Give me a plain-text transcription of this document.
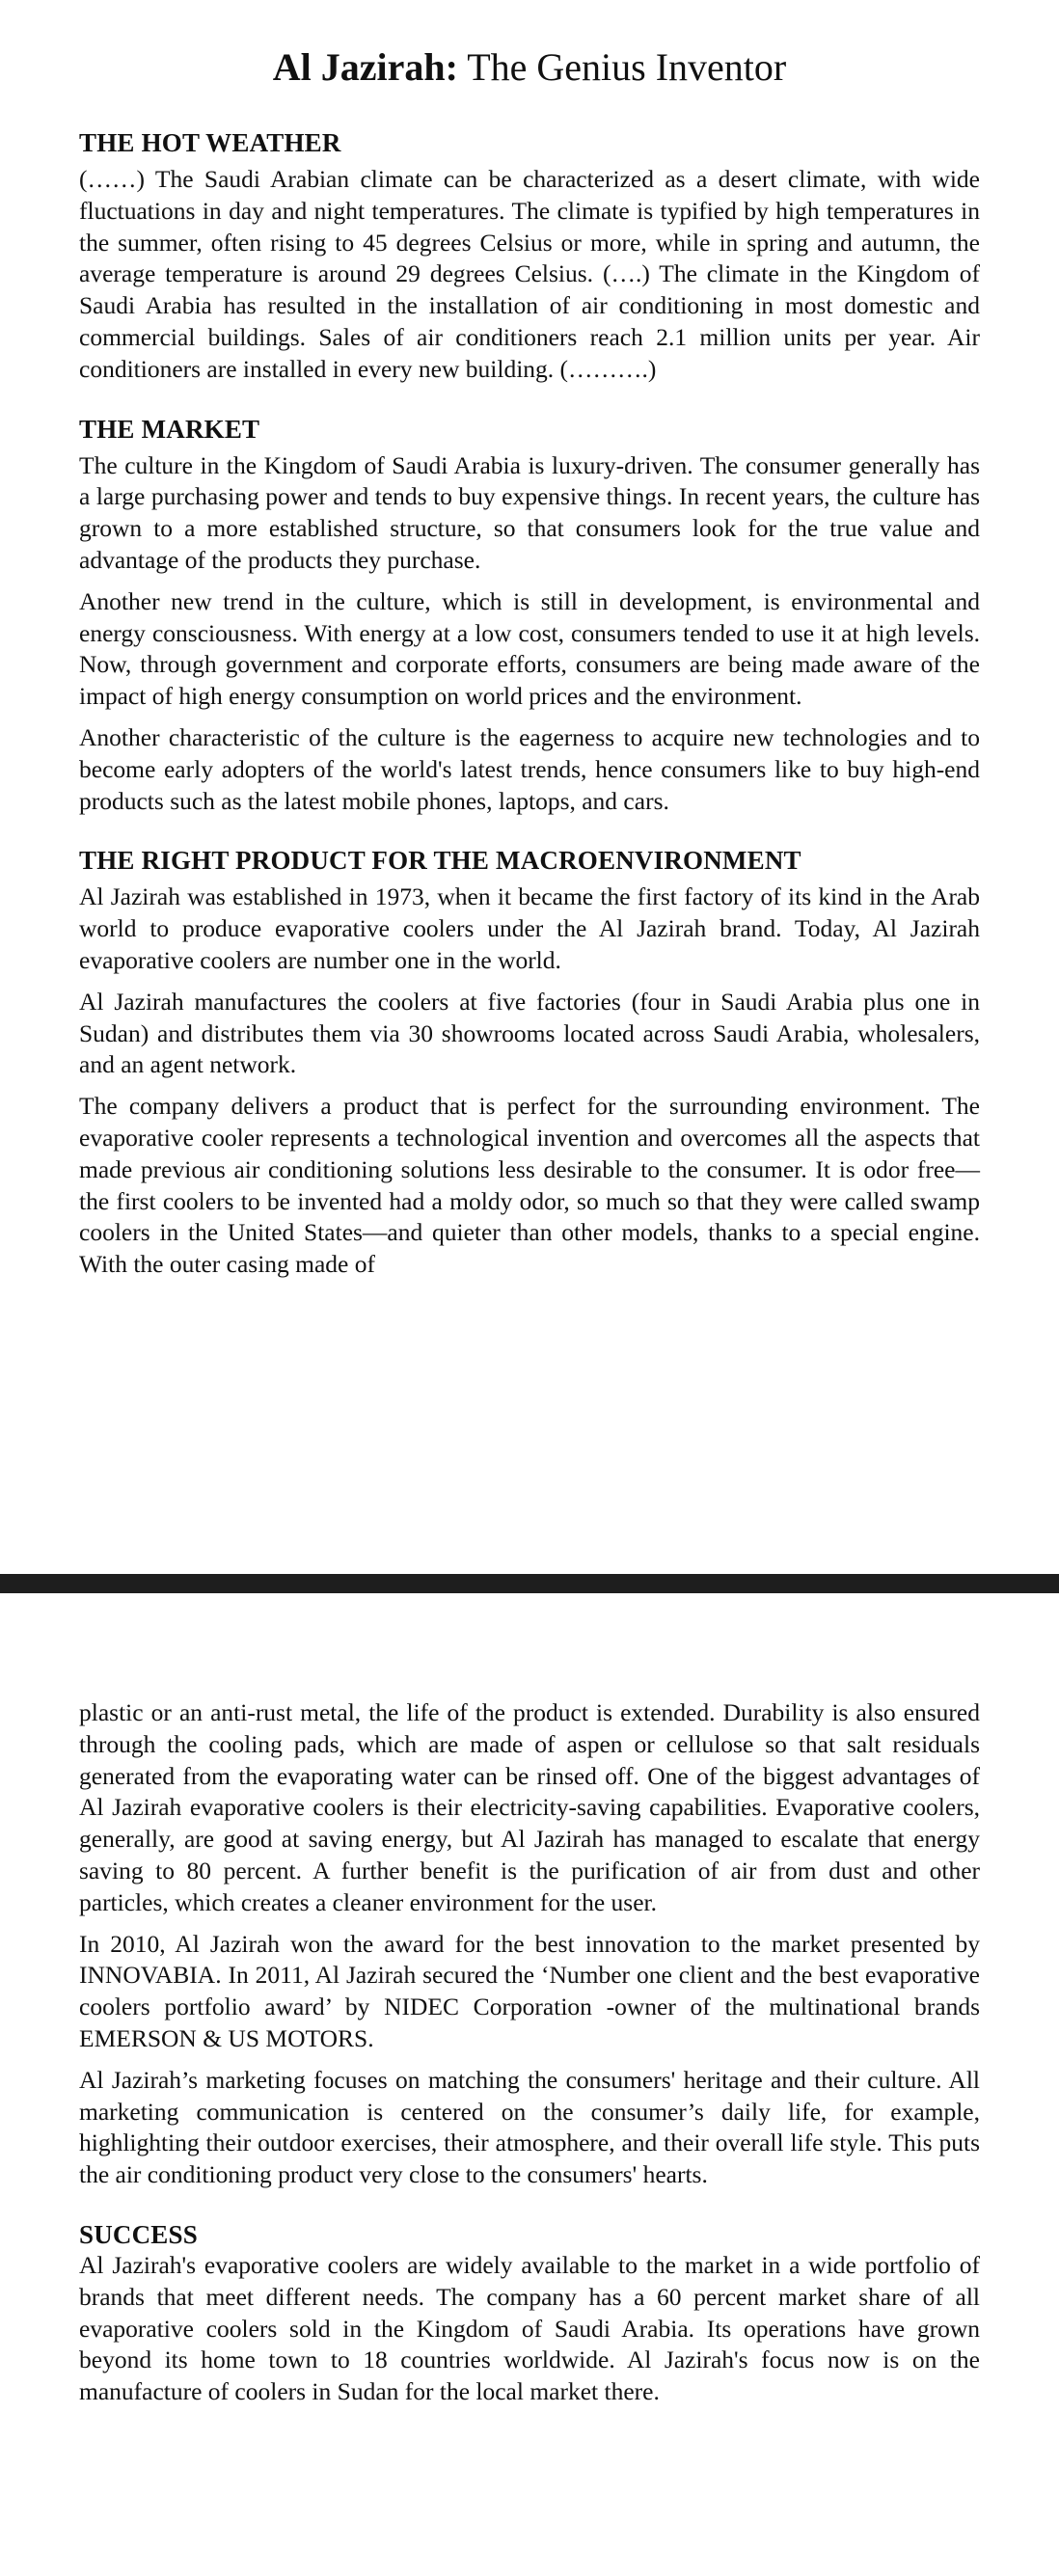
Al Jazirah: The Genius Inventor
THE HOT WEATHER

(……) The Saudi Arabian climate can be characterized as a desert climate, with wide fluctuations in day and night temperatures. The climate is typified by high temperatures in the summer, often rising to 45 degrees Celsius or more, while in spring and autumn, the average temperature is around 29 degrees Celsius. (….) The climate in the Kingdom of Saudi Arabia has resulted in the installation of air conditioning in most domestic and commercial buildings. Sales of air conditioners reach 2.1 million units per year. Air conditioners are installed in every new building. (……….)

THE MARKET

The culture in the Kingdom of Saudi Arabia is luxury-driven. The consumer generally has a large purchasing power and tends to buy expensive things. In recent years, the culture has grown to a more established structure, so that consumers look for the true value and advantage of the products they purchase.

Another new trend in the culture, which is still in development, is environmental and energy consciousness. With energy at a low cost, consumers tended to use it at high levels. Now, through government and corporate efforts, consumers are being made aware of the impact of high energy consumption on world prices and the environment.

Another characteristic of the culture is the eagerness to acquire new technologies and to become early adopters of the world's latest trends, hence consumers like to buy high-end products such as the latest mobile phones, laptops, and cars.

THE RIGHT PRODUCT FOR THE MACROENVIRONMENT

Al Jazirah was established in 1973, when it became the first factory of its kind in the Arab world to produce evaporative coolers under the Al Jazirah brand. Today, Al Jazirah evaporative coolers are number one in the world.

Al Jazirah manufactures the coolers at five factories (four in Saudi Arabia plus one in Sudan) and distributes them via 30 showrooms located across Saudi Arabia, wholesalers, and an agent network.

The company delivers a product that is perfect for the surrounding environment. The evaporative cooler represents a technological invention and overcomes all the aspects that made previous air conditioning solutions less desirable to the consumer. It is odor free—the first coolers to be invented had a moldy odor, so much so that they were called swamp coolers in the United States—and quieter than other models, thanks to a special engine. With the outer casing made of

plastic or an anti-rust metal, the life of the product is extended. Durability is also ensured through the cooling pads, which are made of aspen or cellulose so that salt residuals generated from the evaporating water can be rinsed off. One of the biggest advantages of Al Jazirah evaporative coolers is their electricity-saving capabilities. Evaporative coolers, generally, are good at saving energy, but Al Jazirah has managed to escalate that energy saving to 80 percent. A further benefit is the purification of air from dust and other particles, which creates a cleaner environment for the user.

In 2010, Al Jazirah won the award for the best innovation to the market presented by INNOVABIA. In 2011, Al Jazirah secured the ‘Number one client and the best evaporative coolers portfolio award’ by NIDEC Corporation -owner of the multinational brands EMERSON & US MOTORS.

Al Jazirah’s marketing focuses on matching the consumers' heritage and their culture. All marketing communication is centered on the consumer’s daily life, for example, highlighting their outdoor exercises, their atmosphere, and their overall life style. This puts the air conditioning product very close to the consumers' hearts.

SUCCESS

Al Jazirah's evaporative coolers are widely available to the market in a wide portfolio of brands that meet different needs. The company has a 60 percent market share of all evaporative coolers sold in the Kingdom of Saudi Arabia. Its operations have grown beyond its home town to 18 countries worldwide. Al Jazirah's focus now is on the manufacture of coolers in Sudan for the local market there.
